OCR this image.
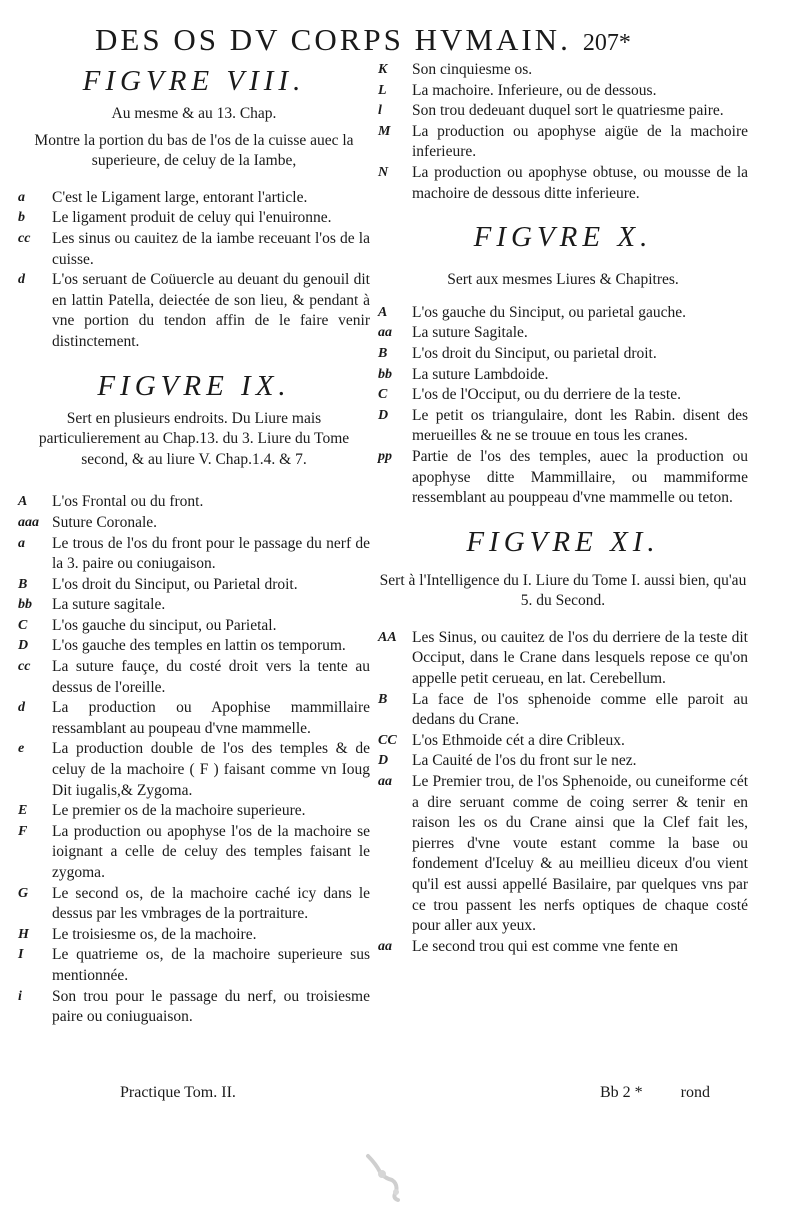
DES OS DV CORPS HVMAIN. 207*
FIGVRE VIII.
Au mesme & au 13. Chap.
Montre la portion du bas de l'os de la cuisse auec la superieure, de celuy de la Iambe,
a	C'est le Ligament large, entorant l'article.
b	Le ligament produit de celuy qui l'enuironne.
cc	Les sinus ou cauitez de la iambe receuant l'os de la cuisse.
d	L'os seruant de Coüuercle au deuant du genouil dit en lattin Patella, deiectée de son lieu, & pendant à vne portion du tendon affin de le faire venir distinctement.
FIGVRE IX.
Sert en plusieurs endroits. Du Liure mais particulierement au Chap.13. du 3. Liure du Tome second, & au liure V. Chap.1.4. & 7.
A	L'os Frontal ou du front.
aaa Suture Coronale.
a	Le trous de l'os du front pour le passage du nerf de la 3. paire ou coniugaison.
B	L'os droit du Sinciput, ou Parietal droit.
bb	La suture sagitale.
C	L'os gauche du sinciput, ou Parietal.
D	L'os gauche des temples en lattin os temporum.
cc	La suture fauçe, du costé droit vers la tente au dessus de l'oreille.
d	La production ou Apophise mammillaire ressamblant au poupeau d'vne mammelle.
e	La production double de l'os des temples & de celuy de la machoire ( F ) faisant comme vn Ioug Dit iugalis,& Zygoma.
E	Le premier os de la machoire superieure.
F	La production ou apophyse l'os de la machoire se ioignant a celle de celuy des temples faisant le zygoma.
G	Le second os, de la machoire caché icy dans le dessus par les vmbrages de la portraiture.
H	Le troisiesme os, de la machoire.
I	Le quatrieme os, de la machoire superieure sus mentionnée.
i	Son trou pour le passage du nerf, ou troisiesme paire ou coniuguaison.
K	Son cinquiesme os.
L	La machoire. Inferieure, ou de dessous.
l	Son trou dedeuant duquel sort le quatriesme paire.
M	La production ou apophyse aigüe de la machoire inferieure.
N	La production ou apophyse obtuse, ou mousse de la machoire de dessous ditte inferieure.
FIGVRE X.
Sert aux mesmes Liures & Chapitres.
A	L'os gauche du Sinciput, ou parietal gauche.
aa	La suture Sagitale.
B	L'os droit du Sinciput, ou parietal droit.
bb	La suture Lambdoide.
C	L'os de l'Occiput, ou du derriere de la teste.
D	Le petit os triangulaire, dont les Rabin. disent des merueilles & ne se trouue en tous les cranes.
pp	Partie de l'os des temples, auec la production ou apophyse ditte Mammillaire, ou mammiforme ressemblant au pouppeau d'vne mammelle ou teton.
FIGVRE XI.
Sert à l'Intelligence du I. Liure du Tome I. aussi bien, qu'au 5. du Second.
AA Les Sinus, ou cauitez de l'os du derriere de la teste dit Occiput, dans le Crane dans lesquels repose ce qu'on appelle petit cerueau, en lat. Cerebellum.
B	La face de l'os sphenoide comme elle paroit au dedans du Crane.
CC L'os Ethmoide cét a dire Cribleux.
D	La Cauité de l'os du front sur le nez.
aa	Le Premier trou, de l'os Sphenoide, ou cuneiforme cét a dire seruant comme de coing serrer & tenir en raison les os du Crane ainsi que la Clef fait les, pierres d'vne voute estant comme la base ou fondement d'Iceluy & au meillieu diceux d'ou vient qu'il est aussi appellé Basilaire, par quelques vns par ce trou passent les nerfs optiques de chaque costé pour aller aux yeux.
aa	Le second trou qui est comme vne fente en
Practique Tom. II.	Bb 2 * rond
